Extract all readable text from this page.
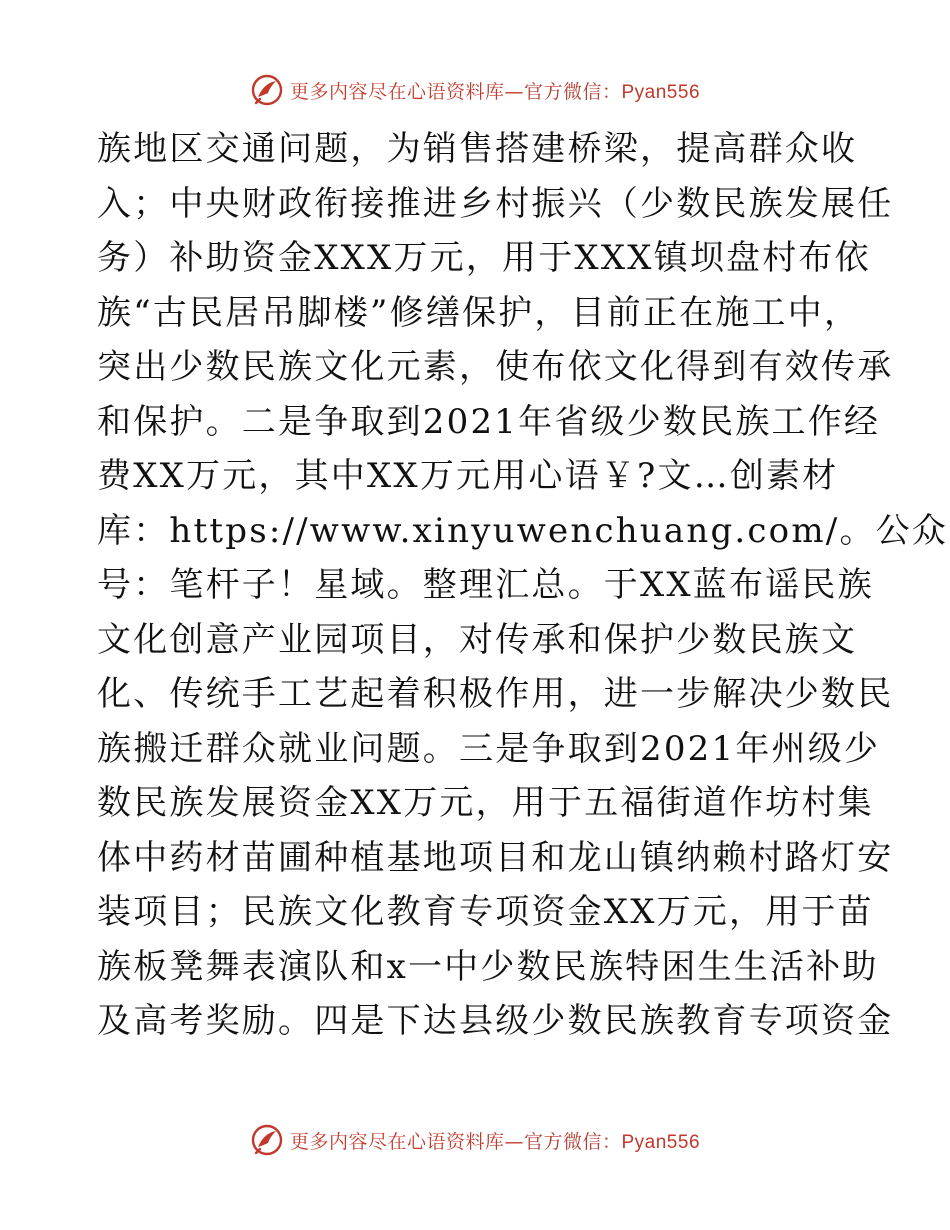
更多内容尽在心语资料库—官方微信：Pyan556
族地区交通问题，为销售搭建桥梁，提高群众收
入；中央财政衔接推进乡村振兴（少数民族发展任
务）补助资金XXX万元，用于XXX镇坝盘村布依
族“古民居吊脚楼”修缮保护，目前正在施工中，
突出少数民族文化元素，使布依文化得到有效传承
和保护。二是争取到2021年省级少数民族工作经
费XX万元，其中XX万元用心语￥?文…创素材
库：https://www.xinyuwenchuang.com/。公众
号：笔杆子！星域。整理汇总。于XX蓝布谣民族
文化创意产业园项目，对传承和保护少数民族文
化、传统手工艺起着积极作用，进一步解决少数民
族搬迁群众就业问题。三是争取到2021年州级少
数民族发展资金XX万元，用于五福街道作坊村集
体中药材苗圃种植基地项目和龙山镇纳赖村路灯安
装项目；民族文化教育专项资金XX万元，用于苗
族板凳舞表演队和x一中少数民族特困生生活补助
及高考奖励。四是下达县级少数民族教育专项资金
更多内容尽在心语资料库—官方微信：Pyan556
